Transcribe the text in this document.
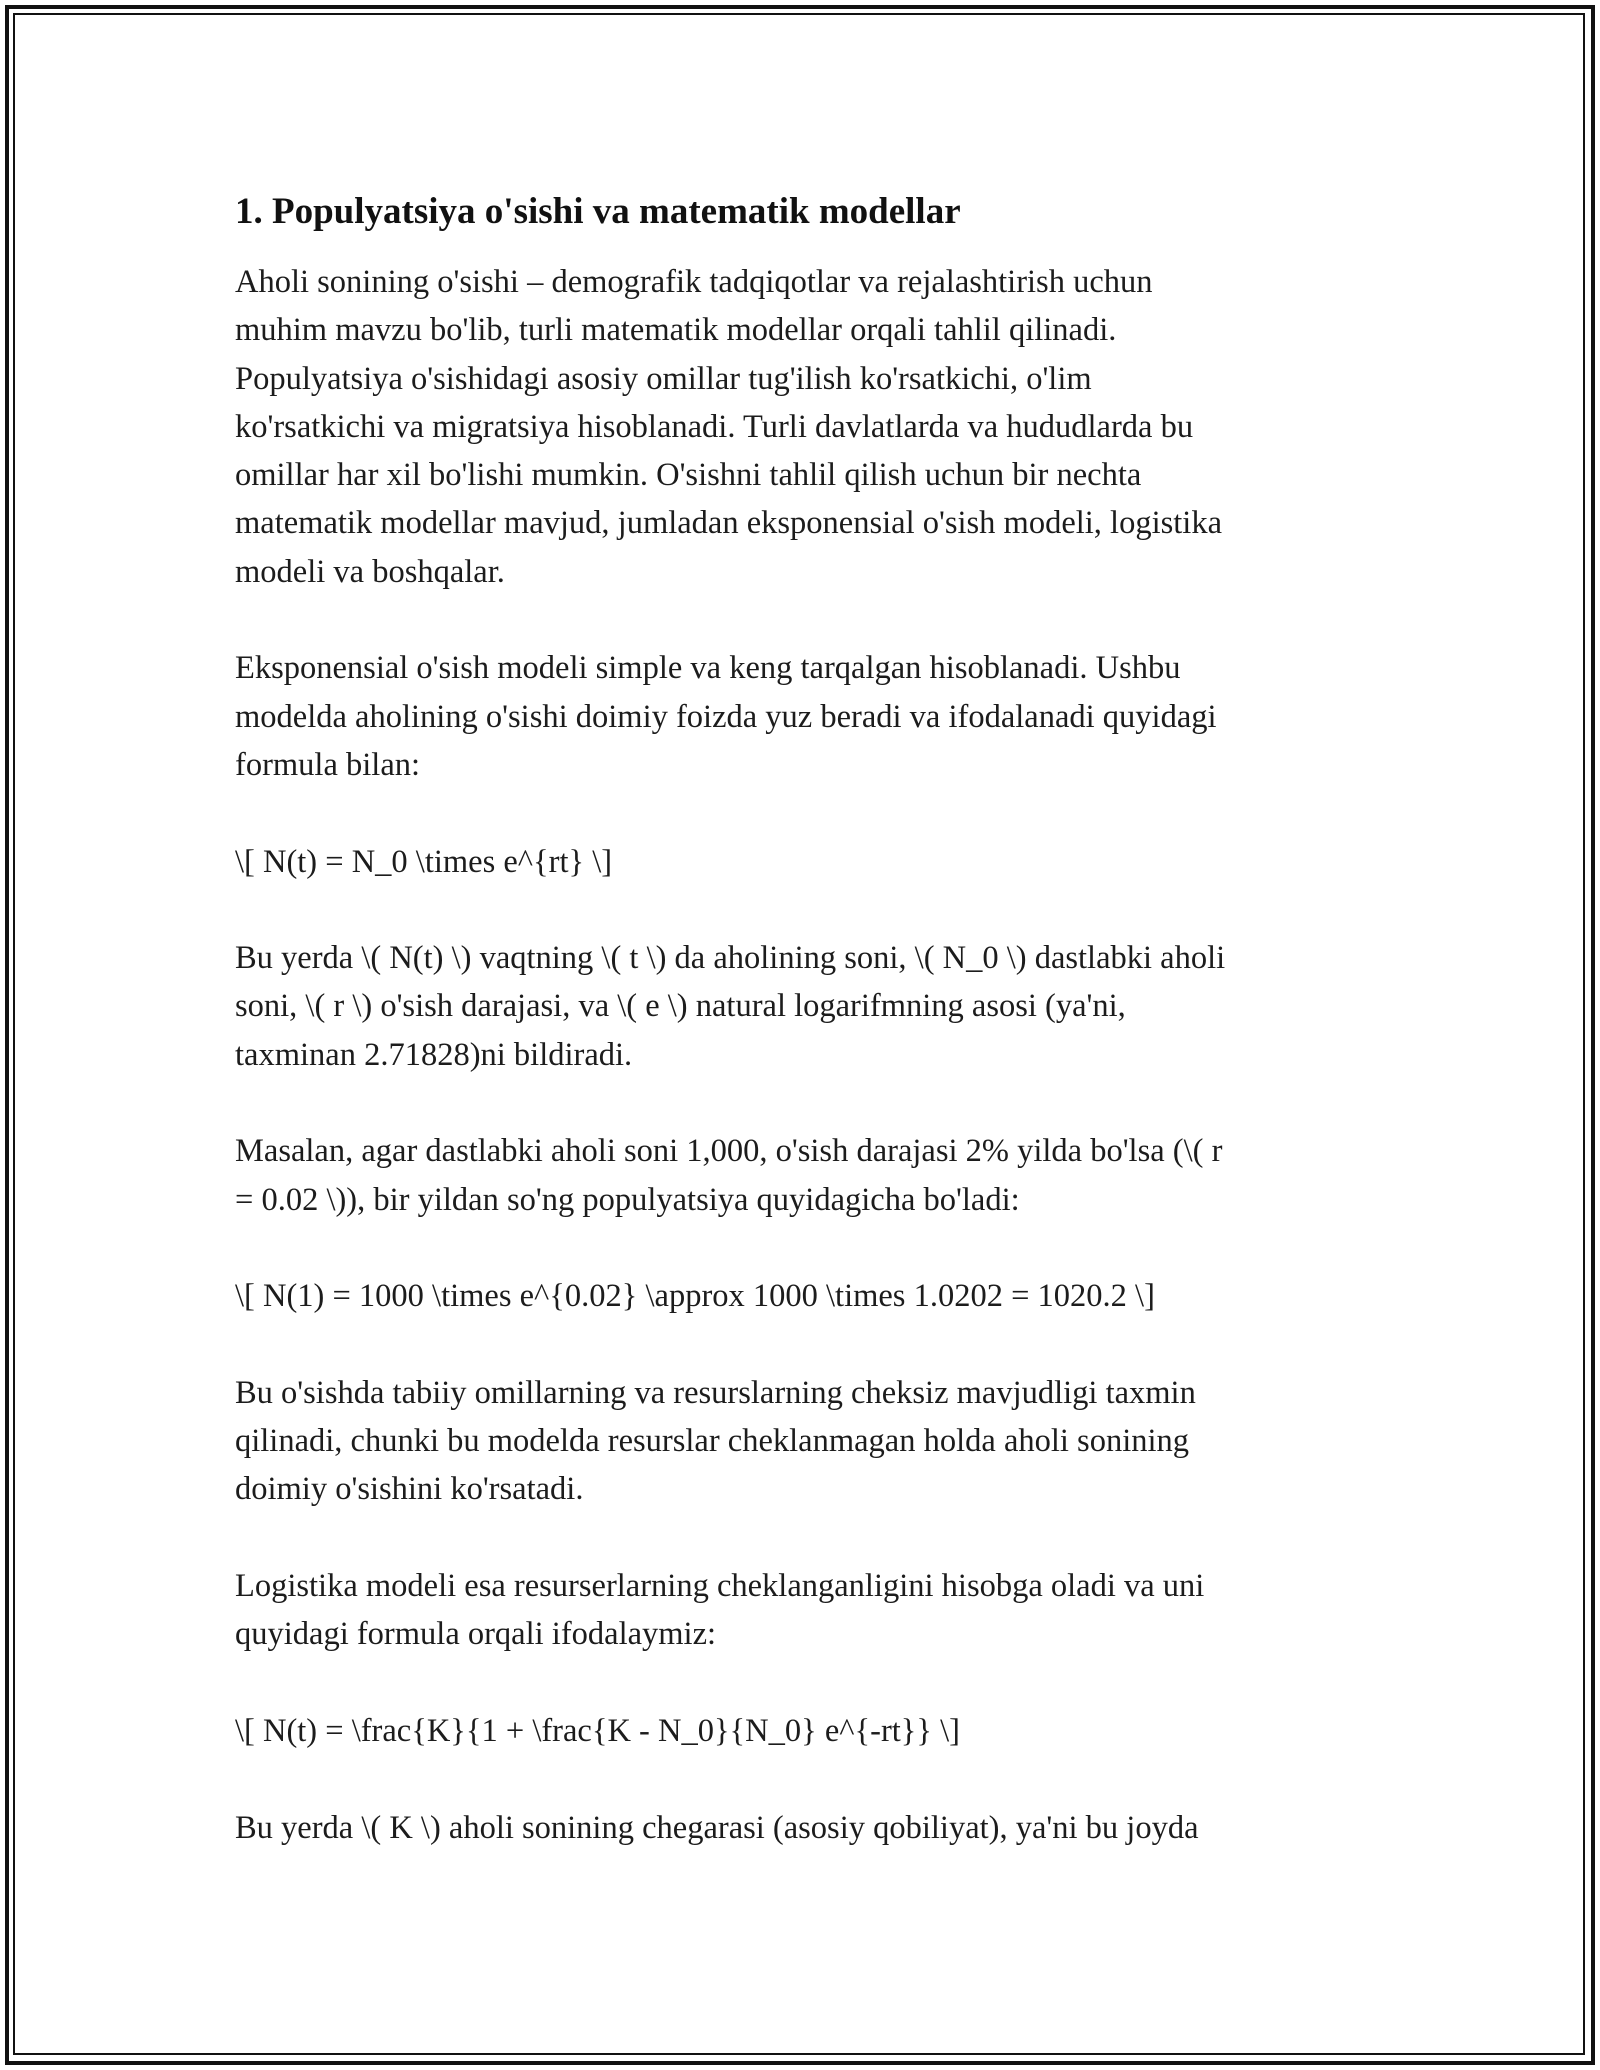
1. Populyatsiya o'sishi va matematik modellar

Aholi sonining o'sishi – demografik tadqiqotlar va rejalashtirish uchun
muhim mavzu bo'lib, turli matematik modellar orqali tahlil qilinadi.
Populyatsiya o'sishidagi asosiy omillar tug'ilish ko'rsatkichi, o'lim
ko'rsatkichi va migratsiya hisoblanadi. Turli davlatlarda va hududlarda bu
omillar har xil bo'lishi mumkin. O'sishni tahlil qilish uchun bir nechta
matematik modellar mavjud, jumladan eksponensial o'sish modeli, logistika
modeli va boshqalar.

Eksponensial o'sish modeli simple va keng tarqalgan hisoblanadi. Ushbu
modelda aholining o'sishi doimiy foizda yuz beradi va ifodalanadi quyidagi
formula bilan:

\[ N(t) = N_0 \times e^{rt} \]

Bu yerda \( N(t) \) vaqtning \( t \) da aholining soni, \( N_0 \) dastlabki aholi
soni, \( r \) o'sish darajasi, va \( e \) natural logarifmning asosi (ya'ni,
taxminan 2.71828)ni bildiradi.

Masalan, agar dastlabki aholi soni 1,000, o'sish darajasi 2% yilda bo'lsa (\( r
= 0.02 \)), bir yildan so'ng populyatsiya quyidagicha bo'ladi:

\[ N(1) = 1000 \times e^{0.02} \approx 1000 \times 1.0202 = 1020.2 \]

Bu o'sishda tabiiy omillarning va resurslarning cheksiz mavjudligi taxmin
qilinadi, chunki bu modelda resurslar cheklanmagan holda aholi sonining
doimiy o'sishini ko'rsatadi.

Logistika modeli esa resurserlarning cheklanganligini hisobga oladi va uni
quyidagi formula orqali ifodalaymiz:

\[ N(t) = \frac{K}{1 + \frac{K - N_0}{N_0} e^{-rt}} \]

Bu yerda \( K \) aholi sonining chegarasi (asosiy qobiliyat), ya'ni bu joyda
